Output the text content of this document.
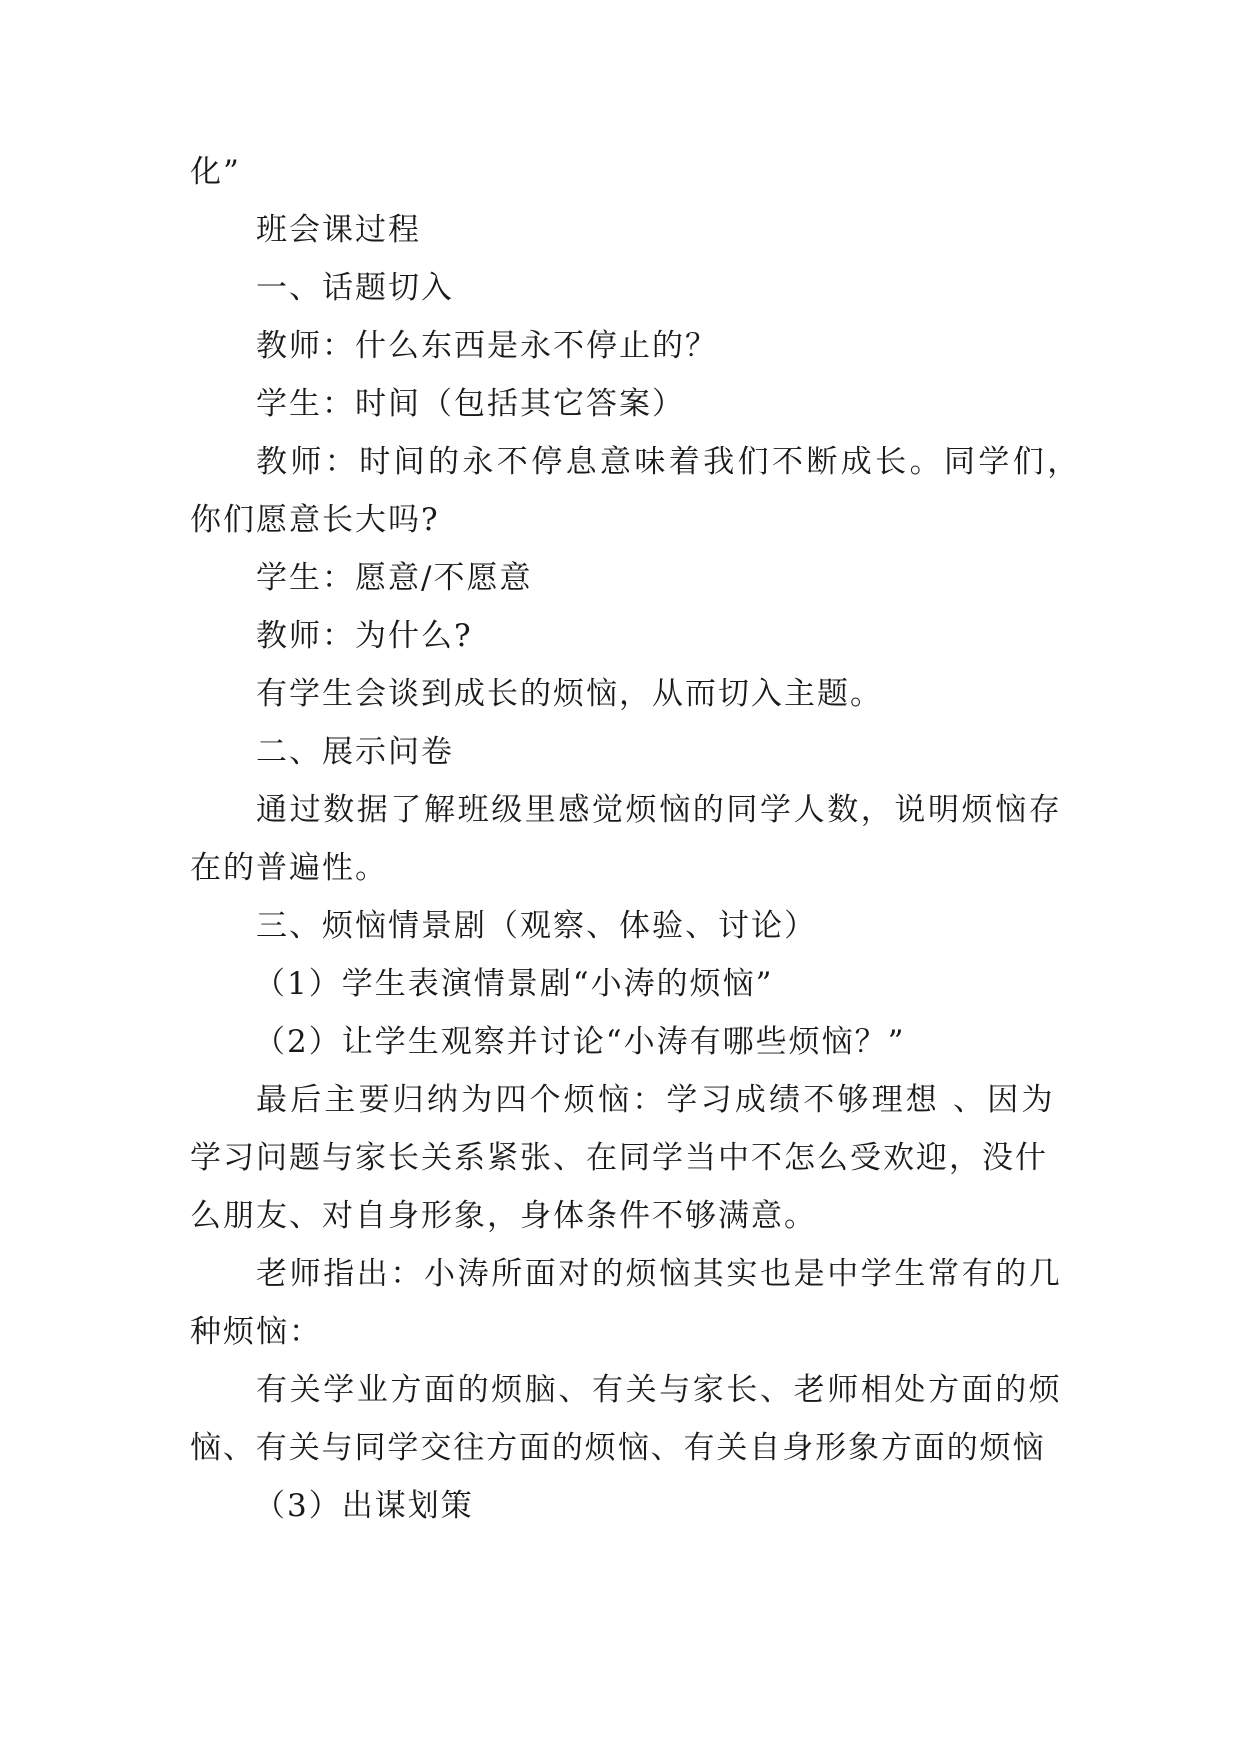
化”
班会课过程
一、话题切入
教师：什么东西是永不停止的？
学生：时间（包括其它答案）
教师：时间的永不停息意味着我们不断成长。同学们，
你们愿意长大吗?
学生：愿意/不愿意
教师：为什么?
有学生会谈到成长的烦恼，从而切入主题。
二、展示问卷
通过数据了解班级里感觉烦恼的同学人数，说明烦恼存
在的普遍性。
三、烦恼情景剧（观察、体验、讨论）
（1）学生表演情景剧“小涛的烦恼”
（2）让学生观察并讨论“小涛有哪些烦恼？”
最后主要归纳为四个烦恼：学习成绩不够理想 、因为
学习问题与家长关系紧张、在同学当中不怎么受欢迎，没什
么朋友、对自身形象，身体条件不够满意。
老师指出：小涛所面对的烦恼其实也是中学生常有的几
种烦恼：
有关学业方面的烦脑、有关与家长、老师相处方面的烦
恼、有关与同学交往方面的烦恼、有关自身形象方面的烦恼
（3）出谋划策
